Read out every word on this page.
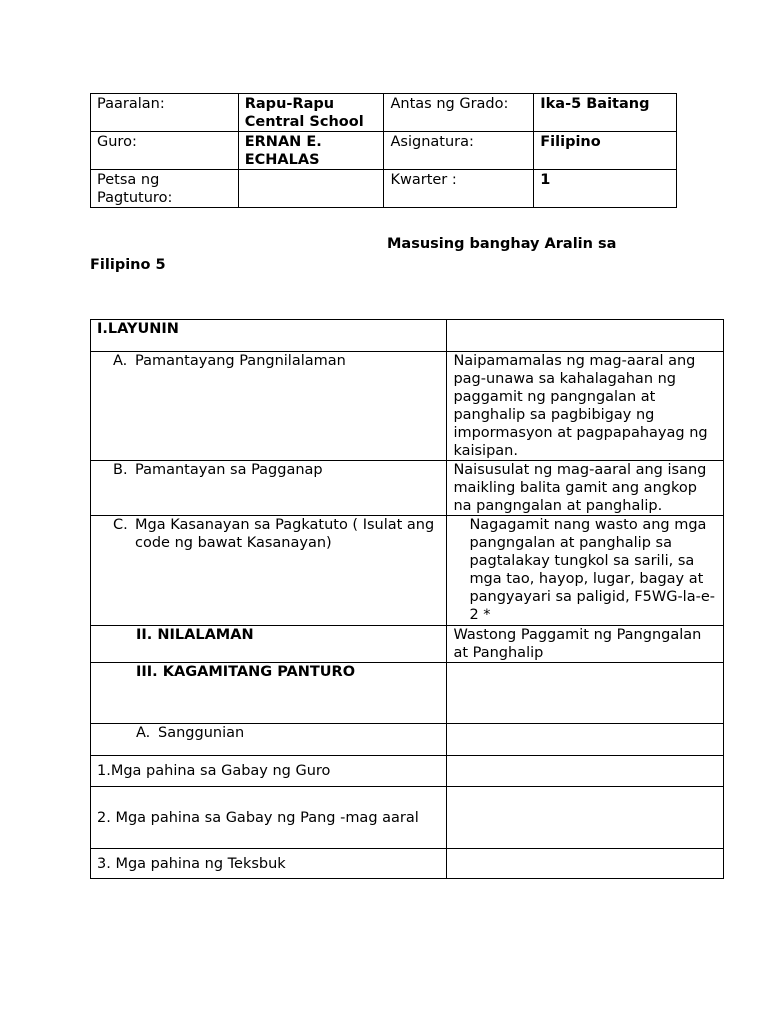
Paaralan:	Rapu-Rapu Central School	Antas ng Grado:	Ika-5 Baitang
Guro:	ERNAN E. ECHALAS	Asignatura:	Filipino
Petsa ng Pagtuturo:		Kwarter :	1
Masusing banghay Aralin sa
Filipino 5
I.LAYUNIN	

A. Pamantayang Pangnilalaman	Naipamamalas ng mag-aaral ang pag-unawa sa kahalagahan ng paggamit ng pangngalan at panghalip sa pagbibigay ng impormasyon at pagpapahayag ng kaisipan.

B. Pamantayan sa Pagganap	Naisusulat ng mag-aaral ang isang maikling balita gamit ang angkop na pangngalan at panghalip.

C. Mga Kasanayan sa Pagkatuto ( Isulat ang code ng bawat Kasanayan)	Nagagamit nang wasto ang mga pangngalan at panghalip sa pagtalakay tungkol sa sarili, sa mga tao, hayop, lugar, bagay at pangyayari sa paligid, F5WG-la-e-2 *

II. NILALAMAN	Wastong Paggamit ng Pangngalan at Panghalip

III. KAGAMITANG PANTURO	

A. Sanggunian	

1.Mga pahina sa Gabay ng Guro	
2. Mga pahina sa Gabay ng Pang -mag aaral	
3. Mga pahina ng Teksbuk	
